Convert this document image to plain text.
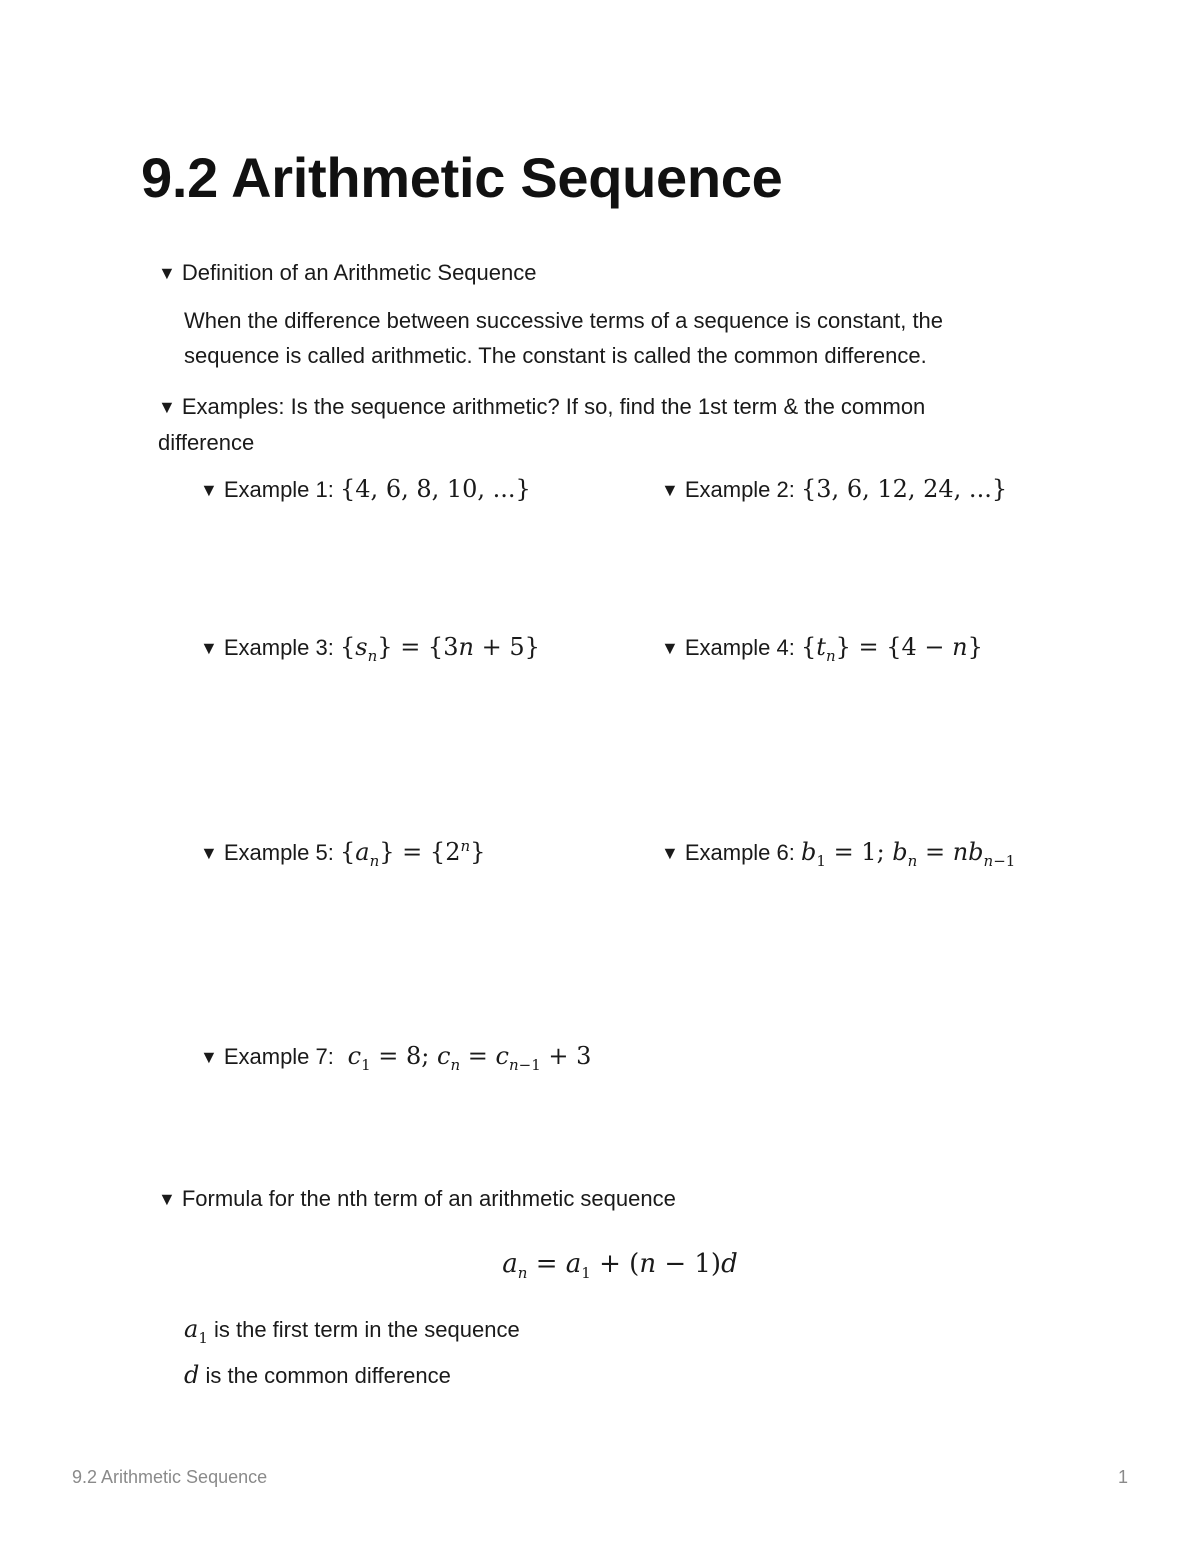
9.2 Arithmetic Sequence
▼ Definition of an Arithmetic Sequence
When the difference between successive terms of a sequence is constant, the
sequence is called arithmetic. The constant is called the common difference.
▼ Examples: Is the sequence arithmetic? If so, find the 1st term & the common
difference
▼ Example 1: {4, 6, 8, 10, ...}	▼ Example 2: {3, 6, 12, 24, ...}
▼ Example 3: $\{s_n\} = \{3n + 5\}$	▼ Example 4: $\{t_n\} = \{4 - n\}$
▼ Example 5: $\{a_n\} = \{2^n\}$	▼ Example 6: $b_1 = 1$; $b_n = nb_{n-1}$
▼ Example 7: $c_1 = 8$; $c_n = c_{n-1} + 3$
▼ Formula for the nth term of an arithmetic sequence
$a_n = a_1 + (n - 1)d$
$a_1$ is the first term in the sequence
d is the common difference
9.2 Arithmetic Sequence	1
